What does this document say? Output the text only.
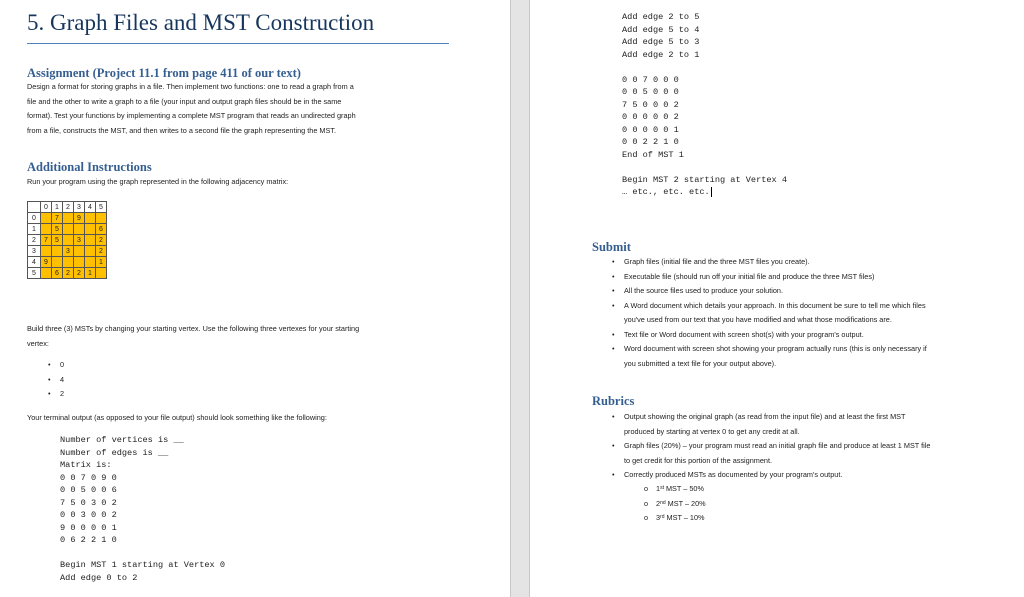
5. Graph Files and MST Construction
Assignment (Project 11.1 from page 411 of our text)
Design a format for storing graphs in a file. Then implement two functions: one to read a graph from a
file and the other to write a graph to a file (your input and output graph files should be in the same
format). Test your functions by implementing a complete MST program that reads an undirected graph
from a file, constructs the MST, and then writes to a second file the graph representing the MST.
Additional Instructions
Run your program using the graph represented in the following adjacency matrix:
	0	1	2	3	4	5
0		7		9		
1		5				6
2	7	5		3		2
3			3			2
4	9					1
5		6	2	2	1	
Build three (3) MSTs by changing your starting vertex. Use the following three vertexes for your starting
vertex:
• 0
• 4
• 2
Your terminal output (as opposed to your file output) should look something like the following:
Number of vertices is __
Number of edges is __
Matrix is:
0 0 7 0 9 0
0 0 5 0 0 6
7 5 0 3 0 2
0 0 3 0 0 2
9 0 0 0 0 1
0 6 2 2 1 0

Begin MST 1 starting at Vertex 0
Add edge 0 to 2
Add edge 2 to 5
Add edge 5 to 4
Add edge 5 to 3
Add edge 2 to 1

0 0 7 0 0 0
0 0 5 0 0 0
7 5 0 0 0 2
0 0 0 0 0 2
0 0 0 0 0 1
0 0 2 2 1 0
End of MST 1

Begin MST 2 starting at Vertex 4
… etc., etc. etc.
Submit
• Graph files (initial file and the three MST files you create).
• Executable file (should run off your initial file and produce the three MST files)
• All the source files used to produce your solution.
• A Word document which details your approach. In this document be sure to tell me which files
you've used from our text that you have modified and what those modifications are.
• Text file or Word document with screen shot(s) with your program's output.
• Word document with screen shot showing your program actually runs (this is only necessary if
you submitted a text file for your output above).
Rubrics
• Output showing the original graph (as read from the input file) and at least the first MST
produced by starting at vertex 0 to get any credit at all.
• Graph files (20%) – your program must read an initial graph file and produce at least 1 MST file
to get credit for this portion of the assignment.
• Correctly produced MSTs as documented by your program's output.
o 1st MST – 50%
o 2nd MST – 20%
o 3rd MST – 10%
